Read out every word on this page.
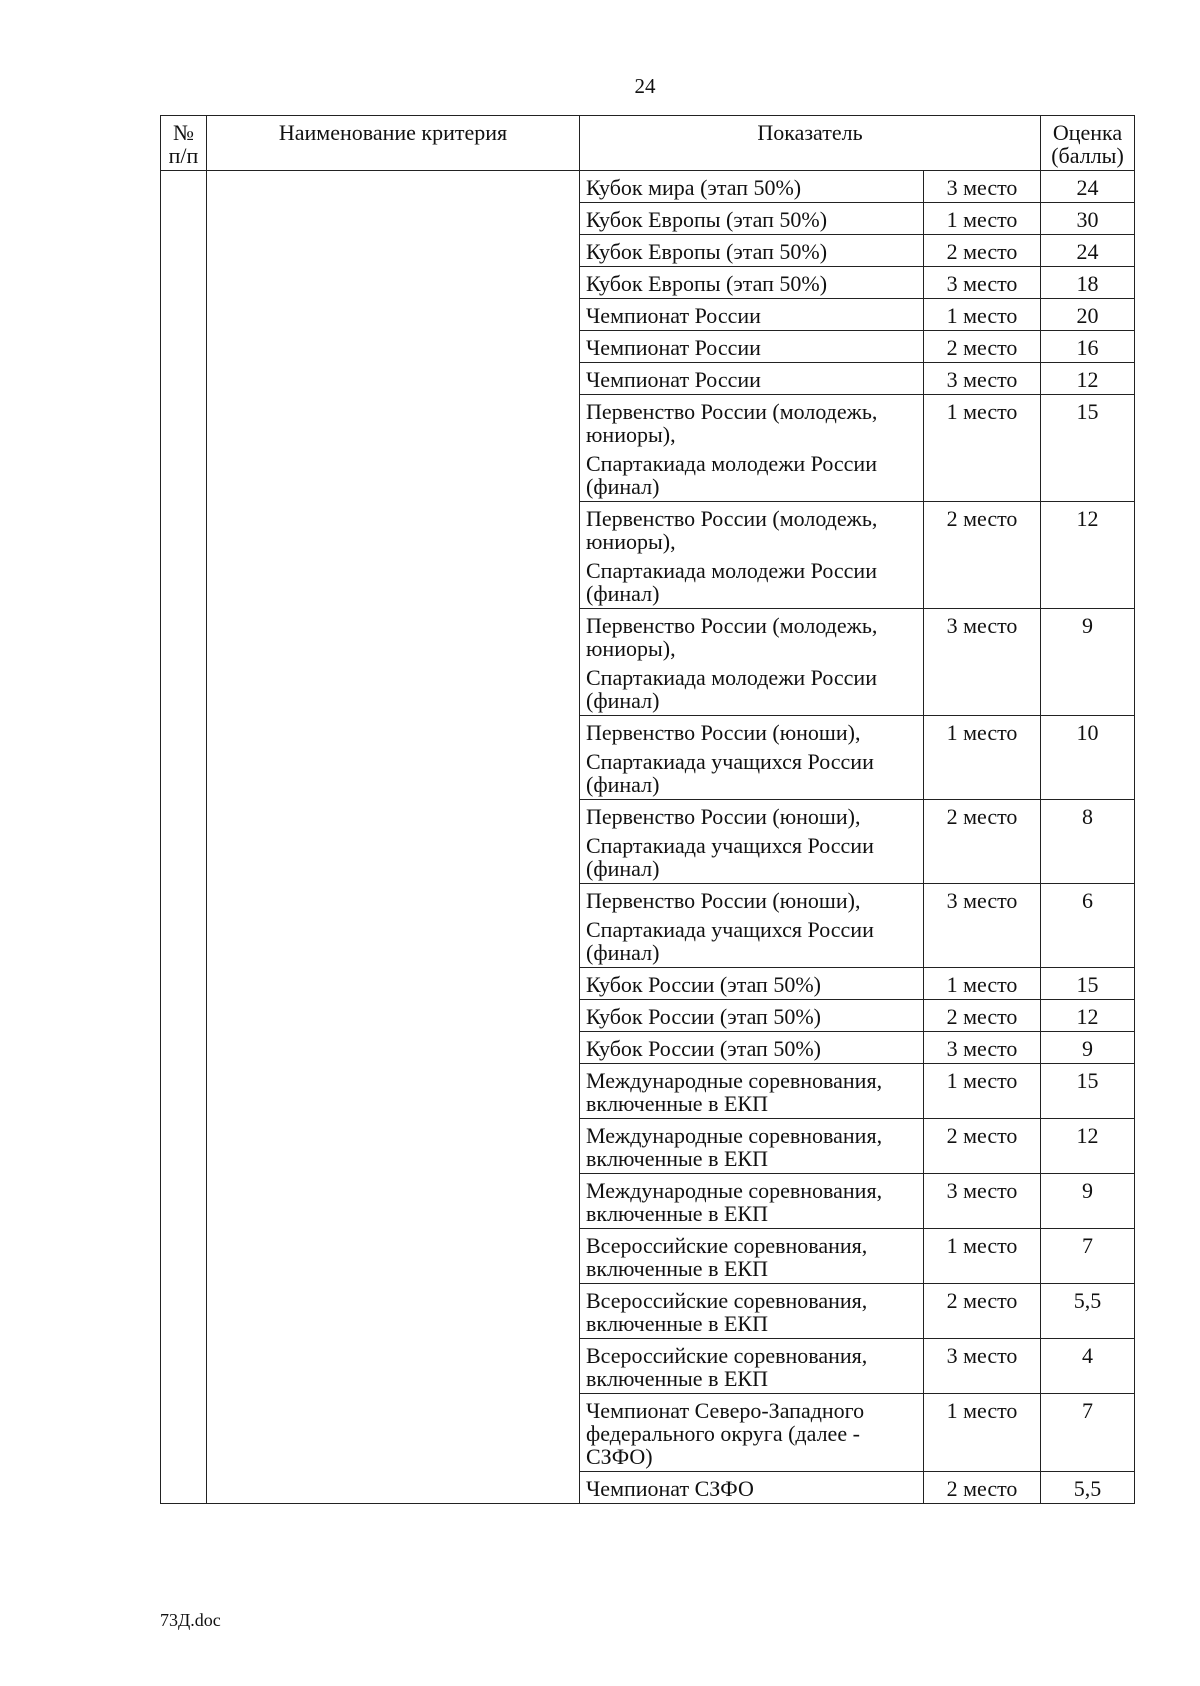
24
№
п/п	Наименование критерия	Показатель		Оценка
(баллы)

		Кубок мира (этап 50%)	3 место	24

		Кубок Европы (этап 50%)	1 место	30

		Кубок Европы (этап 50%)	2 место	24

		Кубок Европы (этап 50%)	3 место	18

		Чемпионат России	1 место	20

		Чемпионат России	2 место	16

		Чемпионат России	3 место	12

		Первенство России (молодежь, юниоры),
Спартакиада молодежи России (финал)	1 место	15

		Первенство России (молодежь, юниоры),
Спартакиада молодежи России (финал)	2 место	12

		Первенство России (молодежь, юниоры),
Спартакиада молодежи России (финал)	3 место	9

		Первенство России (юноши),
Спартакиада учащихся России (финал)	1 место	10

		Первенство России (юноши),
Спартакиада учащихся России (финал)	2 место	8

		Первенство России (юноши),
Спартакиада учащихся России (финал)	3 место	6

		Кубок России (этап 50%)	1 место	15

		Кубок России (этап 50%)	2 место	12

		Кубок России (этап 50%)	3 место	9

		Международные соревнования, включенные в ЕКП	1 место	15

		Международные соревнования, включенные в ЕКП	2 место	12

		Международные соревнования, включенные в ЕКП	3 место	9

		Всероссийские соревнования, включенные в ЕКП	1 место	7

		Всероссийские соревнования, включенные в ЕКП	2 место	5,5

		Всероссийские соревнования, включенные в ЕКП	3 место	4

		Чемпионат Северо-Западного федерального округа (далее - СЗФО)	1 место	7

		Чемпионат СЗФО	2 место	5,5
73Д.doc
